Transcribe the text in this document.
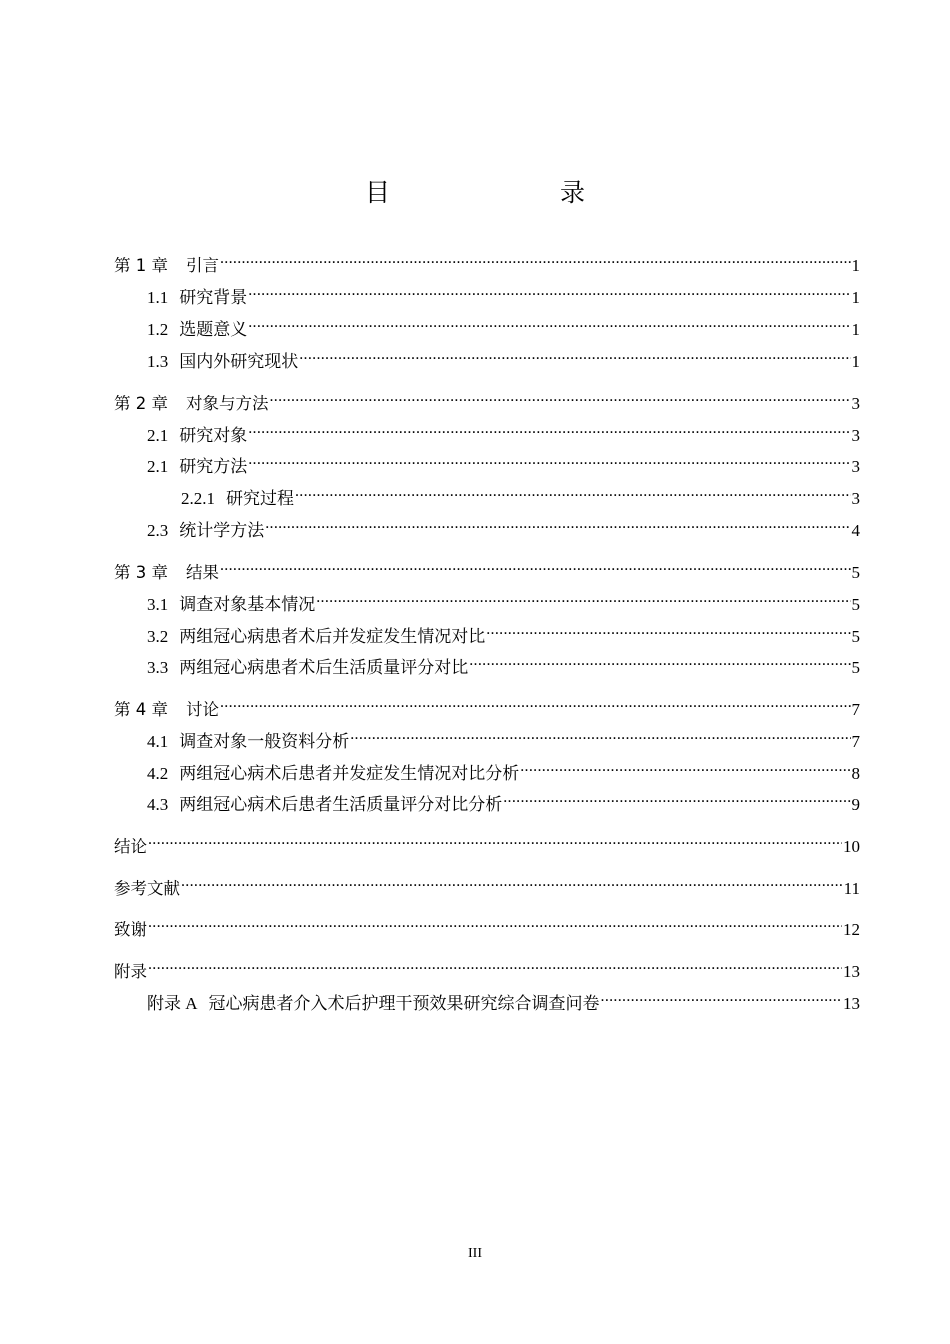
目　　录
第 1 章 引言 .....	1
1.1 研究背景 .....	1
1.2 选题意义 .....	1
1.3 国内外研究现状 .....	1
第 2 章 对象与方法 .....	3
2.1 研究对象 .....	3
2.1 研究方法 .....	3
2.2.1 研究过程 .....	3
2.3 统计学方法 .....	4
第 3 章 结果 .....	5
3.1 调查对象基本情况 .....	5
3.2 两组冠心病患者术后并发症发生情况对比 .....	5
3.3 两组冠心病患者术后生活质量评分对比 .....	5
第 4 章 讨论 .....	7
4.1 调查对象一般资料分析 .....	7
4.2 两组冠心病术后患者并发症发生情况对比分析 .....	8
4.3 两组冠心病术后患者生活质量评分对比分析 .....	9
结论 .....	10
参考文献 .....	11
致谢 .....	12
附录 .....	13
附录 A 冠心病患者介入术后护理干预效果研究综合调查问卷 .....	13
III
